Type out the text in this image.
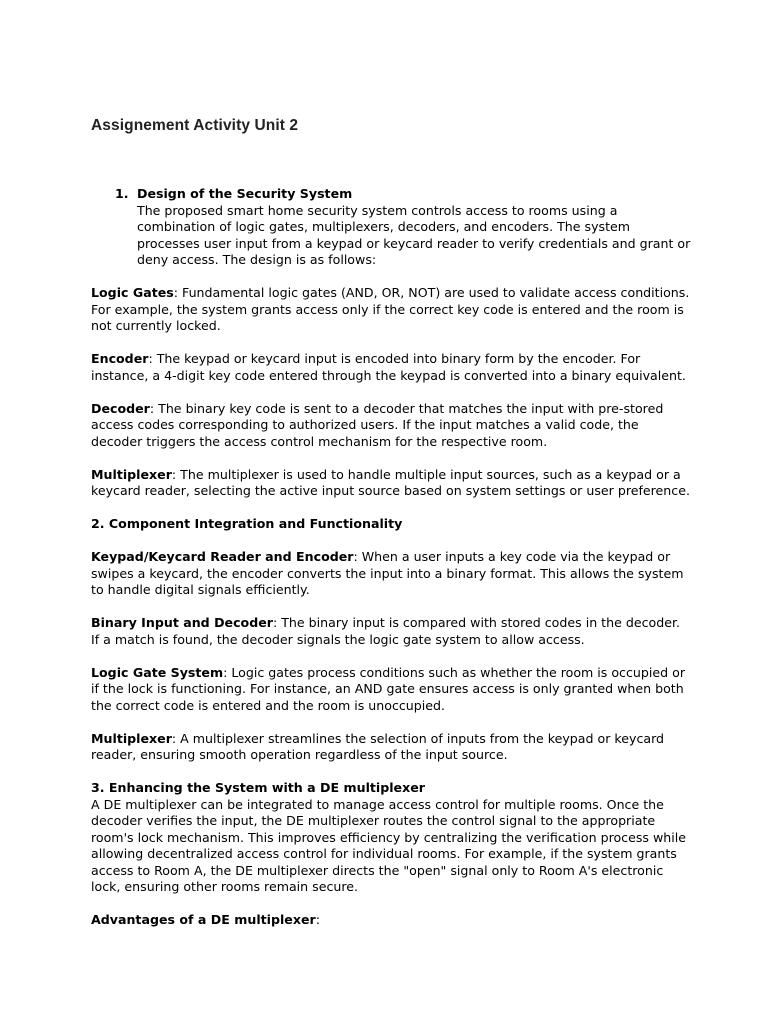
Assignement Activity Unit 2
1. Design of the Security System

The proposed smart home security system controls access to rooms using a combination of logic gates, multiplexers, decoders, and encoders. The system processes user input from a keypad or keycard reader to verify credentials and grant or deny access. The design is as follows:

Logic Gates: Fundamental logic gates (AND, OR, NOT) are used to validate access conditions. For example, the system grants access only if the correct key code is entered and the room is not currently locked.

Encoder: The keypad or keycard input is encoded into binary form by the encoder. For instance, a 4-digit key code entered through the keypad is converted into a binary equivalent.

Decoder: The binary key code is sent to a decoder that matches the input with pre-stored access codes corresponding to authorized users. If the input matches a valid code, the decoder triggers the access control mechanism for the respective room.

Multiplexer: The multiplexer is used to handle multiple input sources, such as a keypad or a keycard reader, selecting the active input source based on system settings or user preference.

2. Component Integration and Functionality

Keypad/Keycard Reader and Encoder: When a user inputs a key code via the keypad or swipes a keycard, the encoder converts the input into a binary format. This allows the system to handle digital signals efficiently.

Binary Input and Decoder: The binary input is compared with stored codes in the decoder. If a match is found, the decoder signals the logic gate system to allow access.

Logic Gate System: Logic gates process conditions such as whether the room is occupied or if the lock is functioning. For instance, an AND gate ensures access is only granted when both the correct code is entered and the room is unoccupied.

Multiplexer: A multiplexer streamlines the selection of inputs from the keypad or keycard reader, ensuring smooth operation regardless of the input source.

3. Enhancing the System with a DE multiplexer

A DE multiplexer can be integrated to manage access control for multiple rooms. Once the decoder verifies the input, the DE multiplexer routes the control signal to the appropriate room's lock mechanism. This improves efficiency by centralizing the verification process while allowing decentralized access control for individual rooms. For example, if the system grants access to Room A, the DE multiplexer directs the "open" signal only to Room A's electronic lock, ensuring other rooms remain secure.

Advantages of a DE multiplexer:
